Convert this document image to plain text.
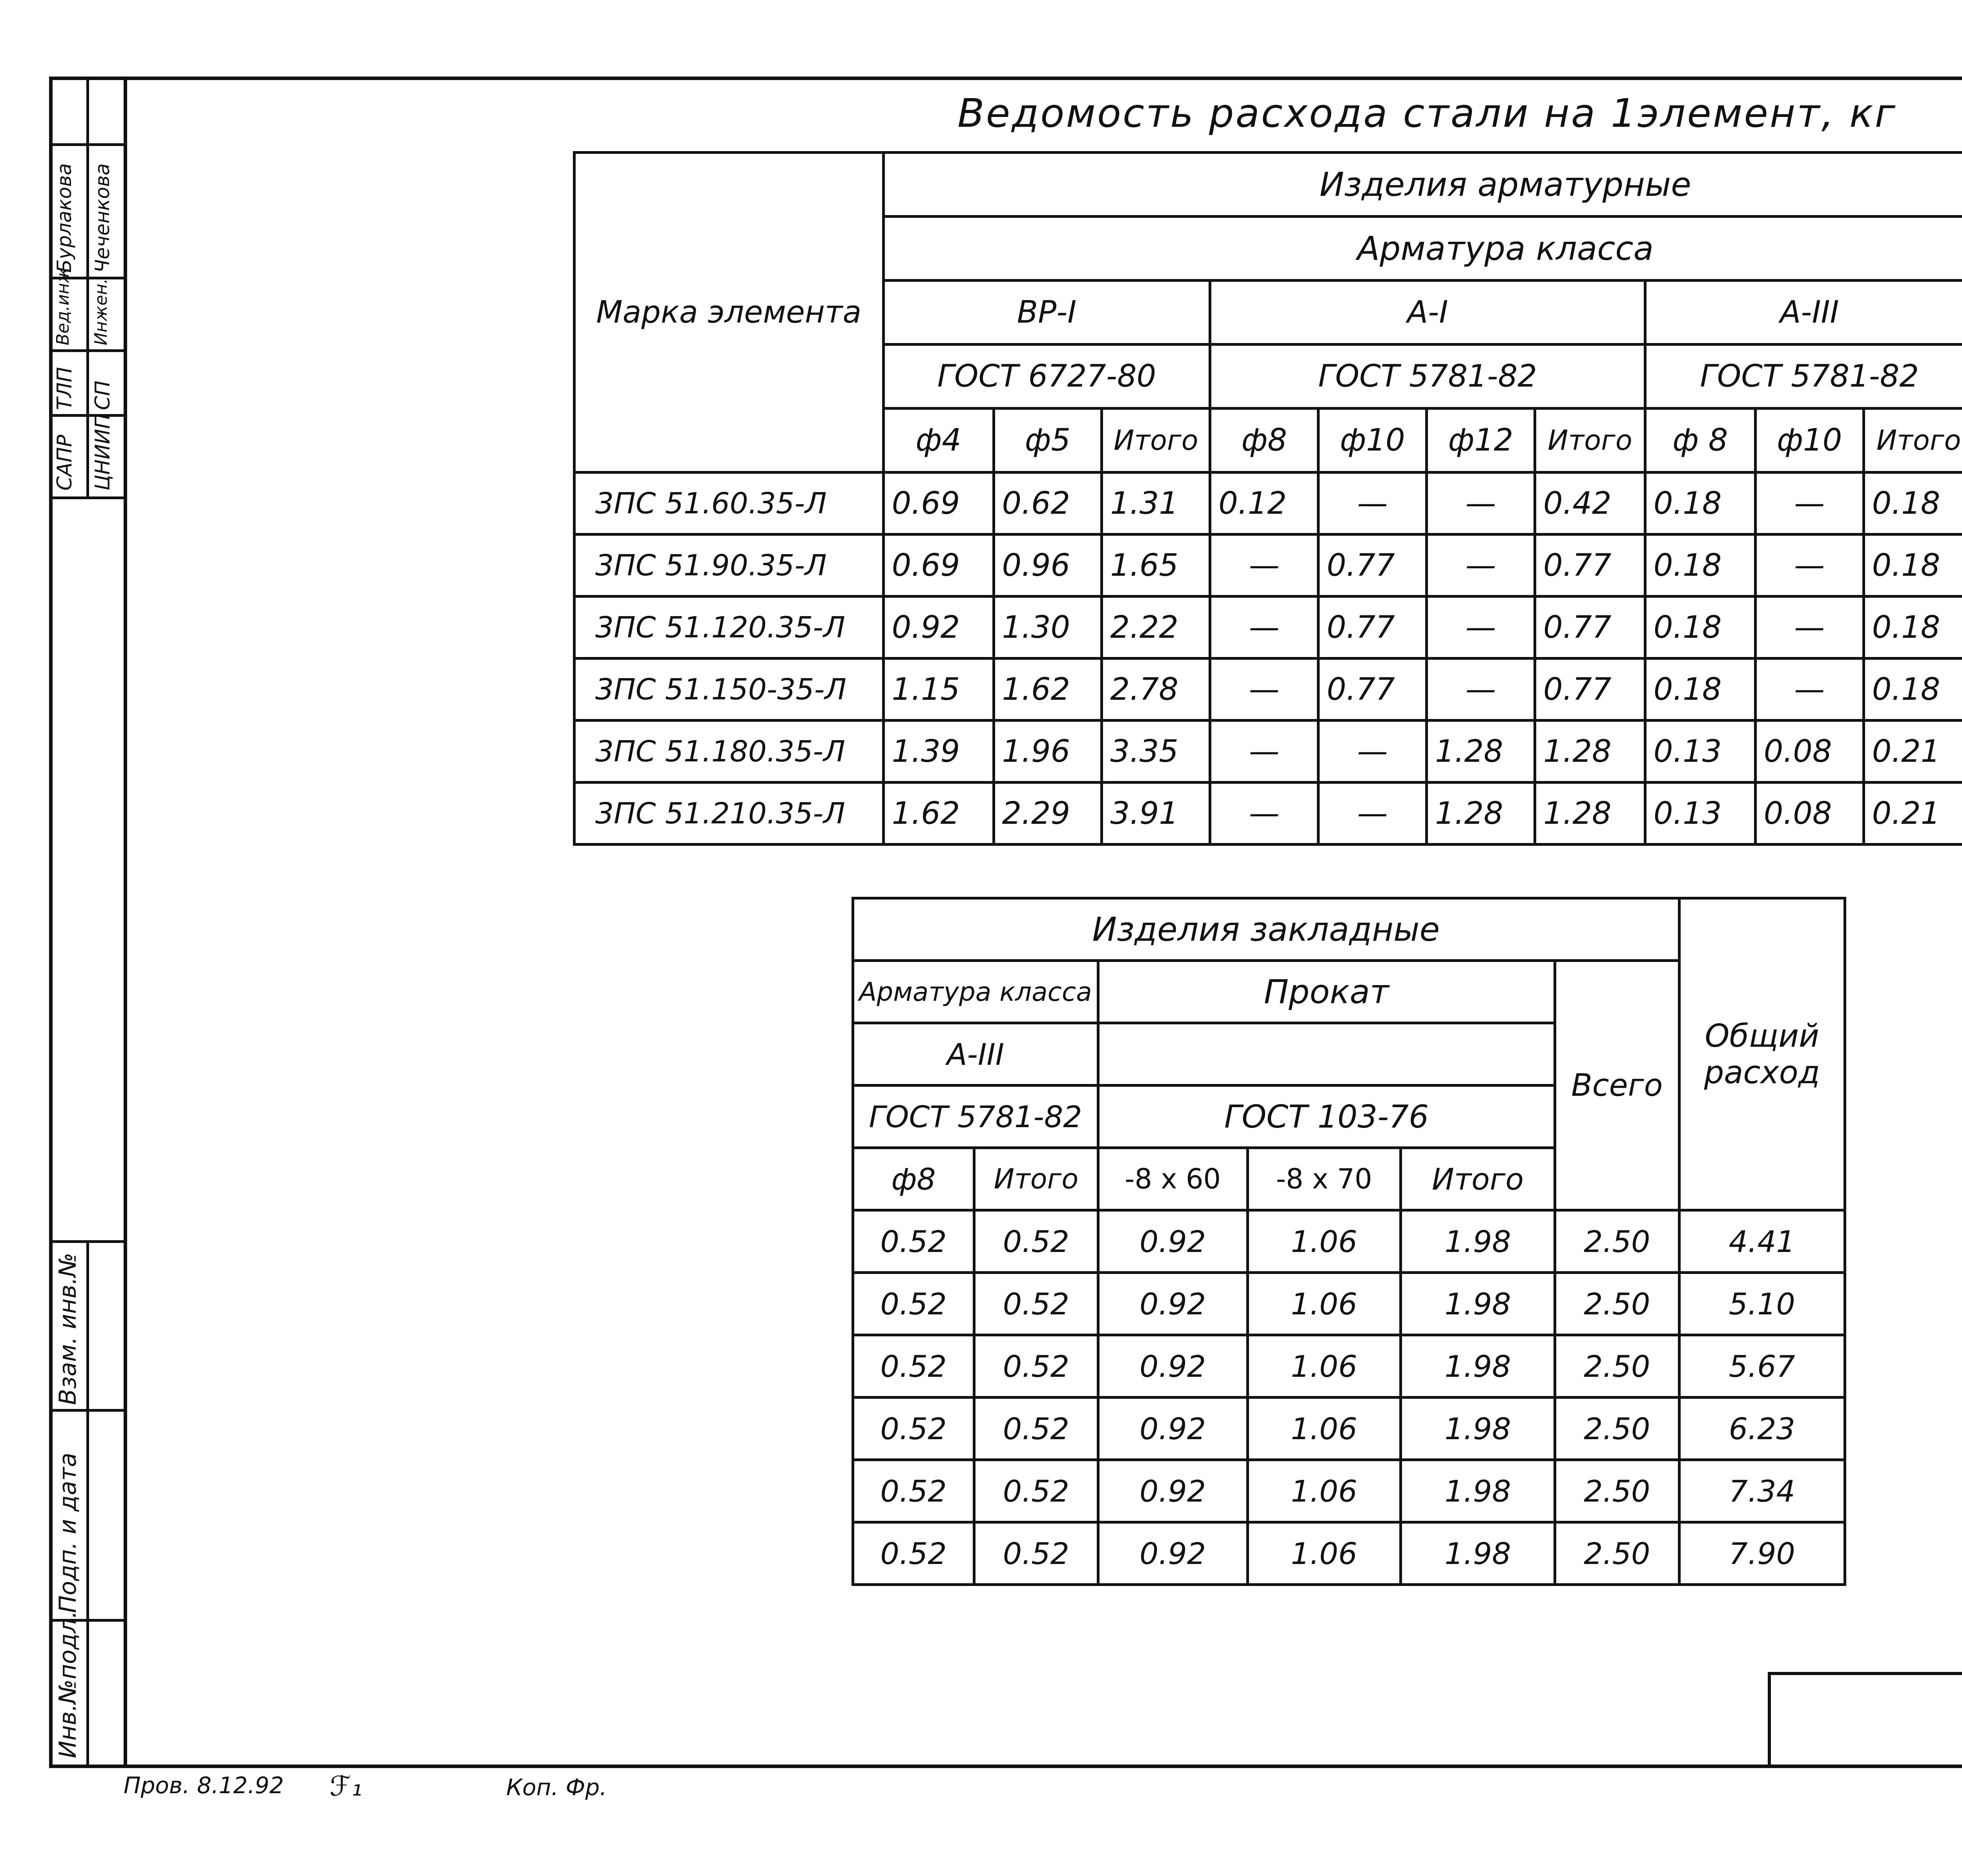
САПР
ТЛП
Вед.инж
Бурлакова
ЦНИИП
СП
Инжен.
Чеченкова
Инв.№подл.
Подп. и дата
Взам. инв.№
Ведомость расхода стали на 1элемент, кг
Марка элемента	Изделия арматурные										
	Арматура класса										
	ВР-I			А-I				А-III	
	ГОСТ 6727-80			ГОСТ 5781-82				ГОСТ 5781-82			
	ф4	ф5	Итого	ф8	ф10	ф12	Итого	ф 8	ф10	Итого	
3ПС 51.60.35-Л	0.69	0.62	1.31	0.12	—	—	0.42	0.18	—	0.18	
3ПС 51.90.35-Л	0.69	0.96	1.65	—	0.77	—	0.77	0.18	—	0.18	
3ПС 51.120.35-Л	0.92	1.30	2.22	—	0.77	—	0.77	0.18	—	0.18	
3ПС 51.150-35-Л	1.15	1.62	2.78	—	0.77	—	0.77	0.18	—	0.18	
3ПС 51.180.35-Л	1.39	1.96	3.35	—	—	1.28	1.28	0.13	0.08	0.21	
3ПС 51.210.35-Л	1.62	2.29	3.91	—	—	1.28	1.28	0.13	0.08	0.21	
Изделия закладные						Общий расход
Арматура класса		Прокат			Всего	
А-III						
ГОСТ 5781-82		ГОСТ 103-76				
ф8	Итого	-8 х 60	-8 х 70	Итого		
0.52	0.52	0.92	1.06	1.98	2.50	4.41
0.52	0.52	0.92	1.06	1.98	2.50	5.10
0.52	0.52	0.92	1.06	1.98	2.50	5.67
0.52	0.52	0.92	1.06	1.98	2.50	6.23
0.52	0.52	0.92	1.06	1.98	2.50	7.34
0.52	0.52	0.92	1.06	1.98	2.50	7.90
Пров. 8.12.92 ℱ₁	Коп. Фр.
